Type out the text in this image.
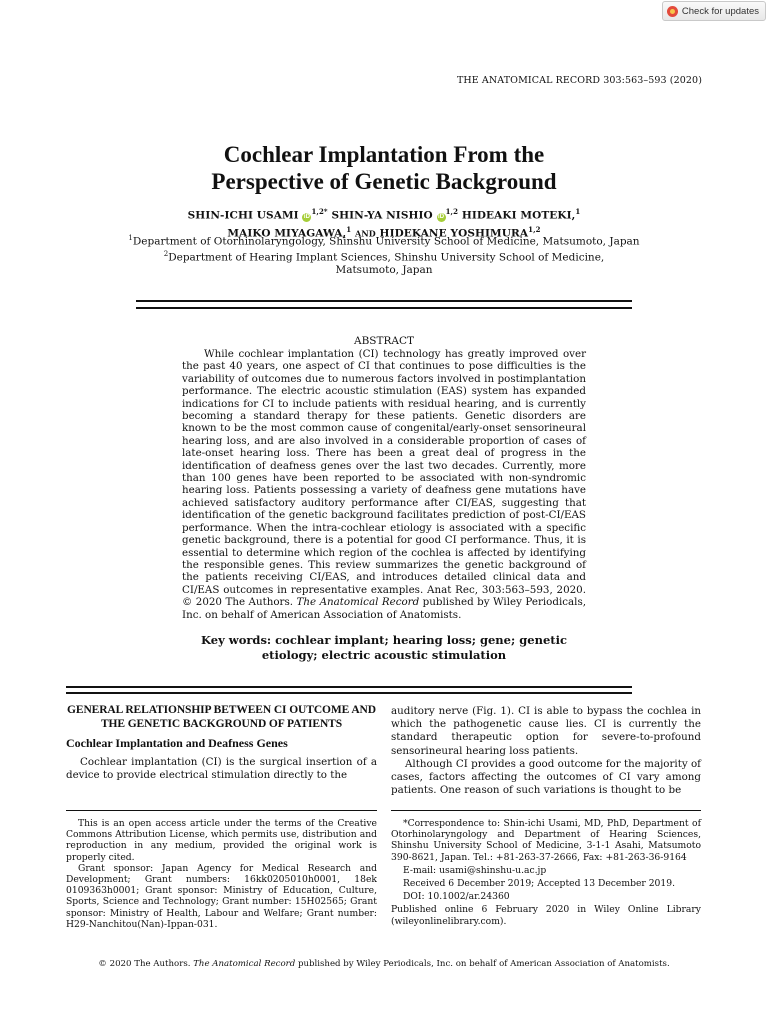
Check for updates
THE ANATOMICAL RECORD 303:563–593 (2020)
Cochlear Implantation From the
Perspective of Genetic Background
SHIN-ICHI USAMI $iD^{1,2*}$ SHIN-YA NISHIO iD$^{1,2}$ HIDEAKI MOTEKI,$^1$
MAIKO MIYAGAWA,$^1$ AND HIDEKANE YOSHIMURA$^{1,2}$
$^1$Department of Otorhinolaryngology, Shinshu University School of Medicine, Matsumoto, Japan
$^2$Department of Hearing Implant Sciences, Shinshu University School of Medicine,
Matsumoto, Japan
ABSTRACT
While cochlear implantation (CI) technology has greatly improved over the past 40 years, one aspect of CI that continues to pose difficulties is the variability of outcomes due to numerous factors involved in postimplantation performance. The electric acoustic stimulation (EAS) system has expanded indications for CI to include patients with residual hearing, and is currently becoming a standard therapy for these patients. Genetic disorders are known to be the most common cause of congenital/early-onset sensorineural hearing loss, and are also involved in a considerable proportion of cases of late-onset hearing loss. There has been a great deal of progress in the identification of deafness genes over the last two decades. Currently, more than 100 genes have been reported to be associated with non-syndromic hearing loss. Patients possessing a variety of deafness gene mutations have achieved satisfactory auditory performance after CI/EAS, suggesting that identification of the genetic background facilitates prediction of post-CI/EAS performance. When the intra-cochlear etiology is associated with a specific genetic background, there is a potential for good CI performance. Thus, it is essential to determine which region of the cochlea is affected by identifying the responsible genes. This review summarizes the genetic background of the patients receiving CI/EAS, and introduces detailed clinical data and CI/EAS outcomes in representative examples. Anat Rec, 303:563–593, 2020. © 2020 The Authors. The Anatomical Record published by Wiley Periodicals, Inc. on behalf of American Association of Anatomists.
Key words: cochlear implant; hearing loss; gene; genetic etiology; electric acoustic stimulation
GENERAL RELATIONSHIP BETWEEN CI OUTCOME AND THE GENETIC BACKGROUND OF PATIENTS
Cochlear Implantation and Deafness Genes

Cochlear implantation (CI) is the surgical insertion of a device to provide electrical stimulation directly to the

auditory nerve (Fig. 1). CI is able to bypass the cochlea in which the pathogenetic cause lies. CI is currently the standard therapeutic option for severe-to-profound sensorineural hearing loss patients.

Although CI provides a good outcome for the majority of cases, factors affecting the outcomes of CI vary among patients. One reason of such variations is thought to be

This is an open access article under the terms of the Creative Commons Attribution License, which permits use, distribution and reproduction in any medium, provided the original work is properly cited.

Grant sponsor: Japan Agency for Medical Research and Development; Grant numbers: 16kk0205010h0001, 18ek 0109363h0001; Grant sponsor: Ministry of Education, Culture, Sports, Science and Technology; Grant number: 15H02565; Grant sponsor: Ministry of Health, Labour and Welfare; Grant number: H29-Nanchitou(Nan)-Ippan-031.

*Correspondence to: Shin-ichi Usami, MD, PhD, Department of Otorhinolaryngology and Department of Hearing Sciences, Shinshu University School of Medicine, 3-1-1 Asahi, Matsumoto 390-8621, Japan. Tel.: +81-263-37-2666, Fax: +81-263-36-9164

E-mail: usami@shinshu-u.ac.jp

Received 6 December 2019; Accepted 13 December 2019.

DOI: 10.1002/ar.24360

Published online 6 February 2020 in Wiley Online Library (wileyonlinelibrary.com).

© 2020 The Authors. The Anatomical Record published by Wiley Periodicals, Inc. on behalf of American Association of Anatomists.
